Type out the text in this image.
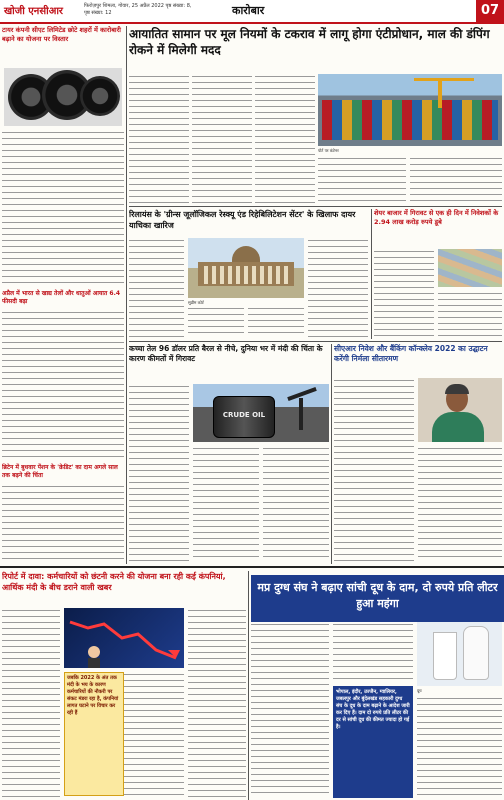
खोजी एनसीआर	फिरोज़पुर शिमला, गोवार, 25 अप्रैल 2022 पृष्ठ संख्या: 8, पृष्ठ संख्या: 12	कारोबार	07
टायर कंपनी सीएट लिमिटेड छोटे शहरों में कारोबारी बढ़ाने का योजना पर विस्तार
अप्रैल में भारत से खाद्य तेलों और धातुओं आयात 6.4 फीसदी बढ़ा
ब्रिटेन में बुधवार पेंशन के 'क्रेडिट' का दाम अगले साल तक बढ़ने की चिंता
आयातित सामान पर मूल नियमों के टकराव में लागू होगा एंटीप्रोधान, माल की डंपिंग रोकने में मिलेगी मदद
पोर्ट पर कंटेनर
रिलायंस के 'ग्रीन्स जूलॉजिकल रेस्क्यू एंड रिहेबिलिटेशन सेंटर' के खिलाफ दायर याचिका खारिज
सुप्रीम कोर्ट
शेयर बाजार में गिरावट से एक ही दिन में निवेशकों के 2.94 लाख करोड़ रुपये डूबे
कच्चा तेल 96 डॉलर प्रति बैरल से नीचे, दुनिया भर में मंदी की चिंता के कारण कीमतों में गिरावट
CRUDE OIL
सीएआर निवेश और बैंकिंग कॉन्क्लेव 2022 का उद्घाटन करेंगी निर्मला सीतारमण
रिपोर्ट में दावा: कर्मचारियों को छंटनी करने की योजना बना रही कई कंपनियां, आर्थिक मंदी के बीच डराने वाली खबर
जबकि 2022 के अंत तक मंदी के भय के कारण कर्मचारियों की नौकरी पर संकट मंडरा रहा है, कंपनियां लागत घटाने पर विचार कर रही हैं
मप्र दुग्ध संघ ने बढ़ाए सांची दूध के दाम, दो रुपये प्रति लीटर हुआ महंगा
भोपाल, इंदौर, उज्जैन, ग्वालियर, जबलपुर और बुंदेलखंड सहकारी दुग्ध संघ के दूध के दाम बढ़ाने के आदेश जारी कर दिए हैं। दाम दो रुपये प्रति लीटर की दर से सांची दूध की कीमत ज्यादा हो गई है।
दूध
